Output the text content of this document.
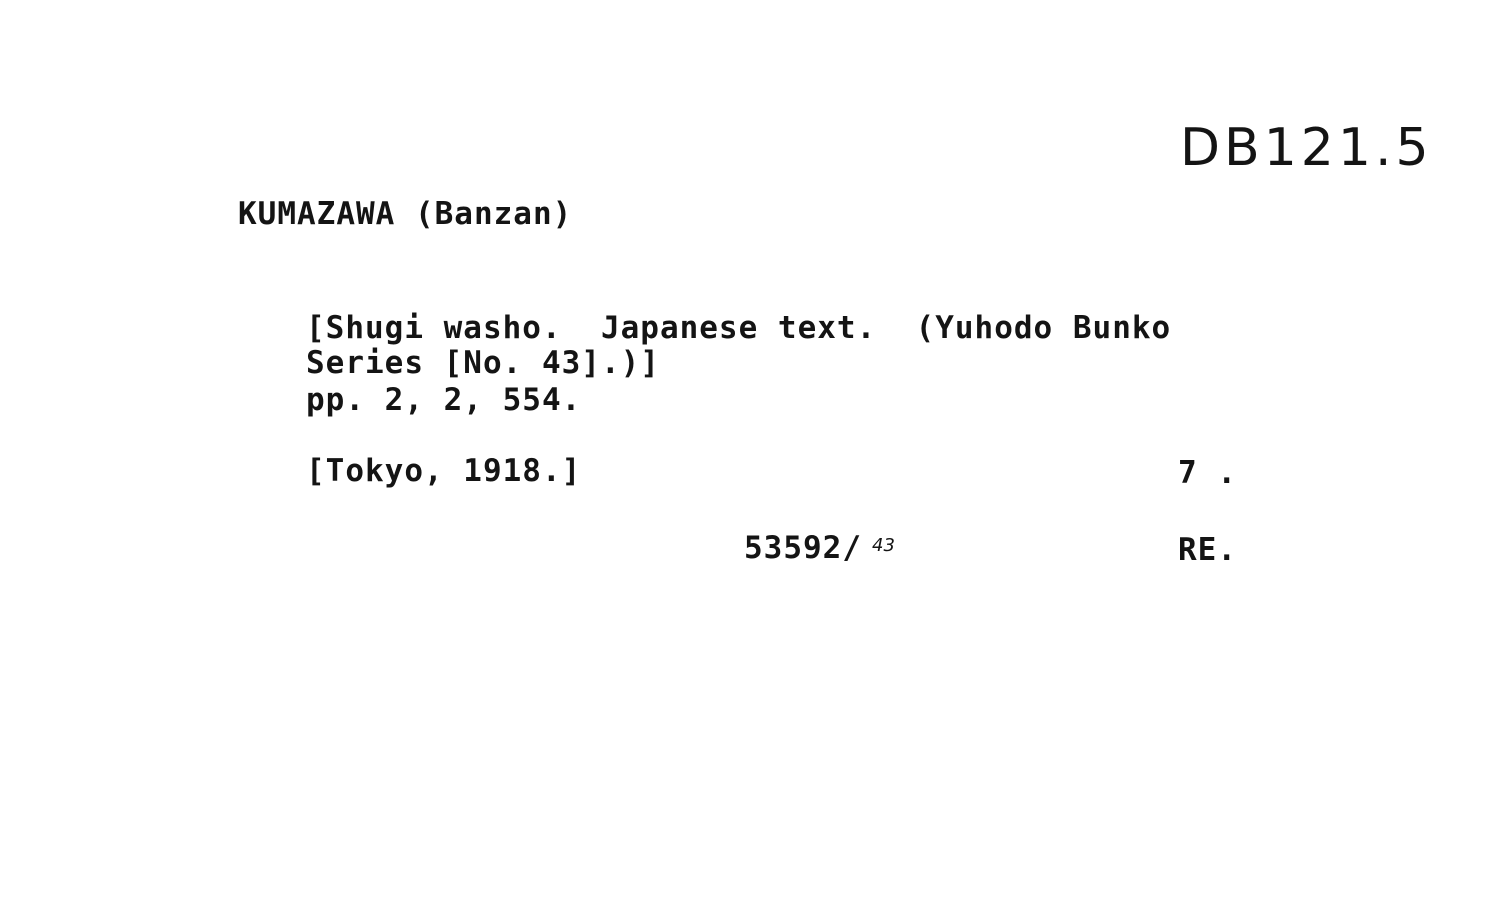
DB121.5
KUMAZAWA (Banzan)
[Shugi washo.  Japanese text.  (Yuhodo Bunko
Series [No. 43].)]
pp. 2, 2, 554.
[Tokyo, 1918.]	7 .
53592/ 43	RE.
